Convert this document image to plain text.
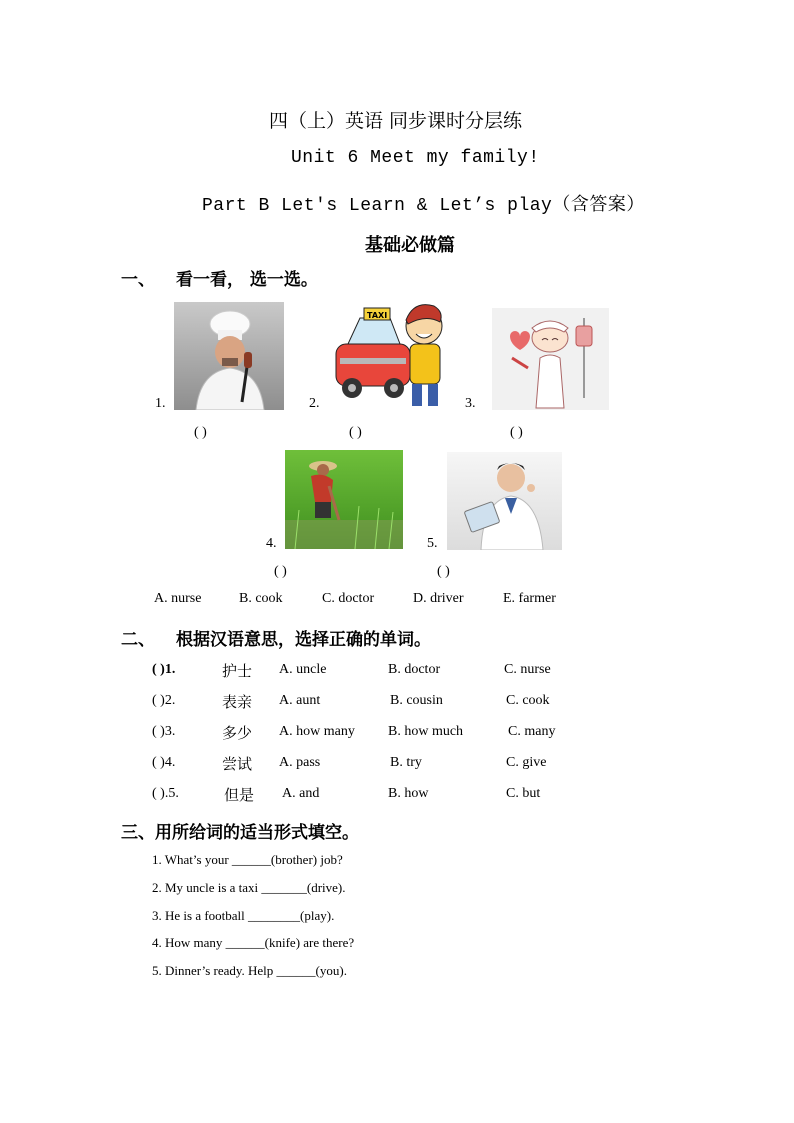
四（上）英语 同步课时分层练
Unit 6 Meet my family!
Part B Let's Learn & Let’s play（含答案）
基础必做篇
一、 看一看， 选一选。
1.
( )
2.
TAXI
( )
3.
( )
4.
( )
5.
( )
A. nurse	B. cook	C. doctor	D. driver	E. farmer
二、 根据汉语意思，选择正确的单词。
( )1.	护士 A. uncle	B. doctor	C. nurse
( )2.	表亲 A. aunt	B. cousin	C. cook
( )3.	多少 A. how many B. how much	C. many
( )4.	尝试 A. pass	B. try	C. give
( ).5.	但是 A. and	B. how	C. but
三、用所给词的适当形式填空。
1. What’s your ______(brother) job?
2. My uncle is a taxi _______(drive).
3. He is a football ________(play).
4. How many ______(knife) are there?
5. Dinner’s ready. Help ______(you).
